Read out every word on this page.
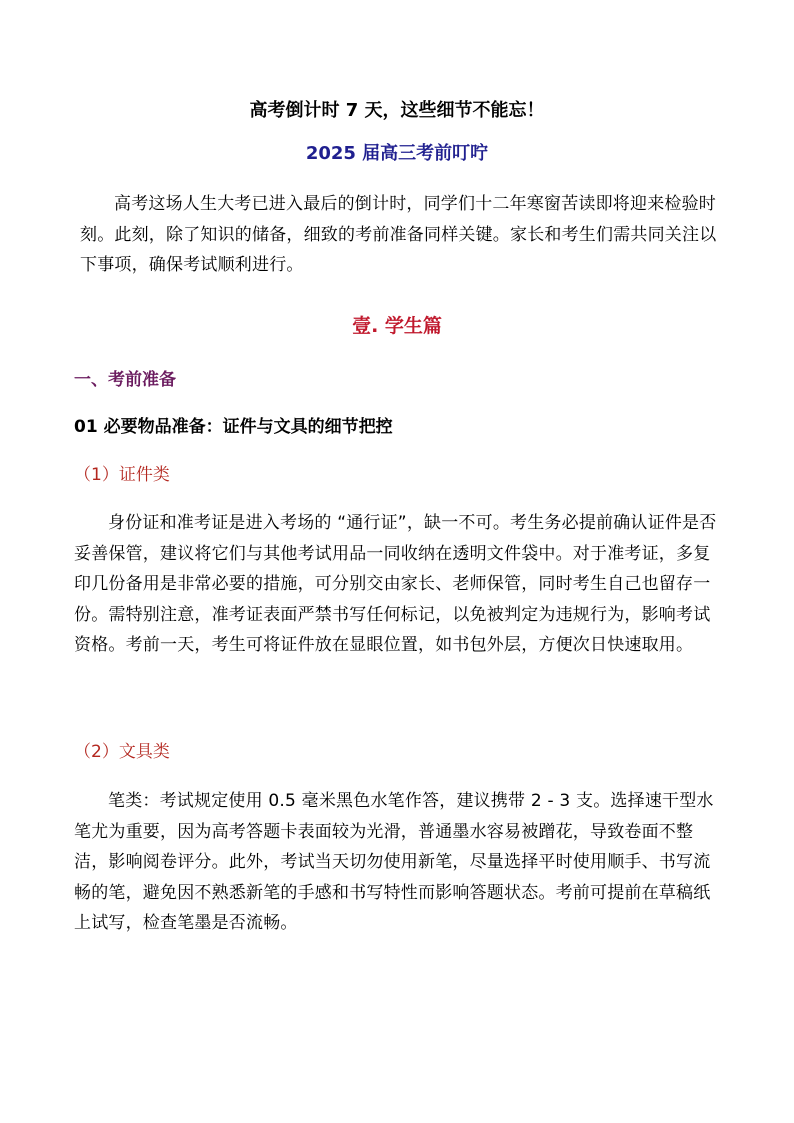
高考倒计时 7 天，这些细节不能忘！
2025 届高三考前叮咛

高考这场人生大考已进入最后的倒计时，同学们十二年寒窗苦读即将迎来检验时刻。此刻，除了知识的储备，细致的考前准备同样关键。家长和考生们需共同关注以下事项，确保考试顺利进行。

壹. 学生篇
一、考前准备
01 必要物品准备：证件与文具的细节把控
（1）证件类

身份证和准考证是进入考场的 “通行证”，缺一不可。考生务必提前确认证件是否妥善保管，建议将它们与其他考试用品一同收纳在透明文件袋中。对于准考证，多复印几份备用是非常必要的措施，可分别交由家长、老师保管，同时考生自己也留存一份。需特别注意，准考证表面严禁书写任何标记，以免被判定为违规行为，影响考试资格。考前一天，考生可将证件放在显眼位置，如书包外层，方便次日快速取用。

（2）文具类

笔类：考试规定使用 0.5 毫米黑色水笔作答，建议携带 2 - 3 支。选择速干型水笔尤为重要，因为高考答题卡表面较为光滑，普通墨水容易被蹭花，导致卷面不整洁，影响阅卷评分。此外，考试当天切勿使用新笔，尽量选择平时使用顺手、书写流畅的笔，避免因不熟悉新笔的手感和书写特性而影响答题状态。考前可提前在草稿纸上试写，检查笔墨是否流畅。
